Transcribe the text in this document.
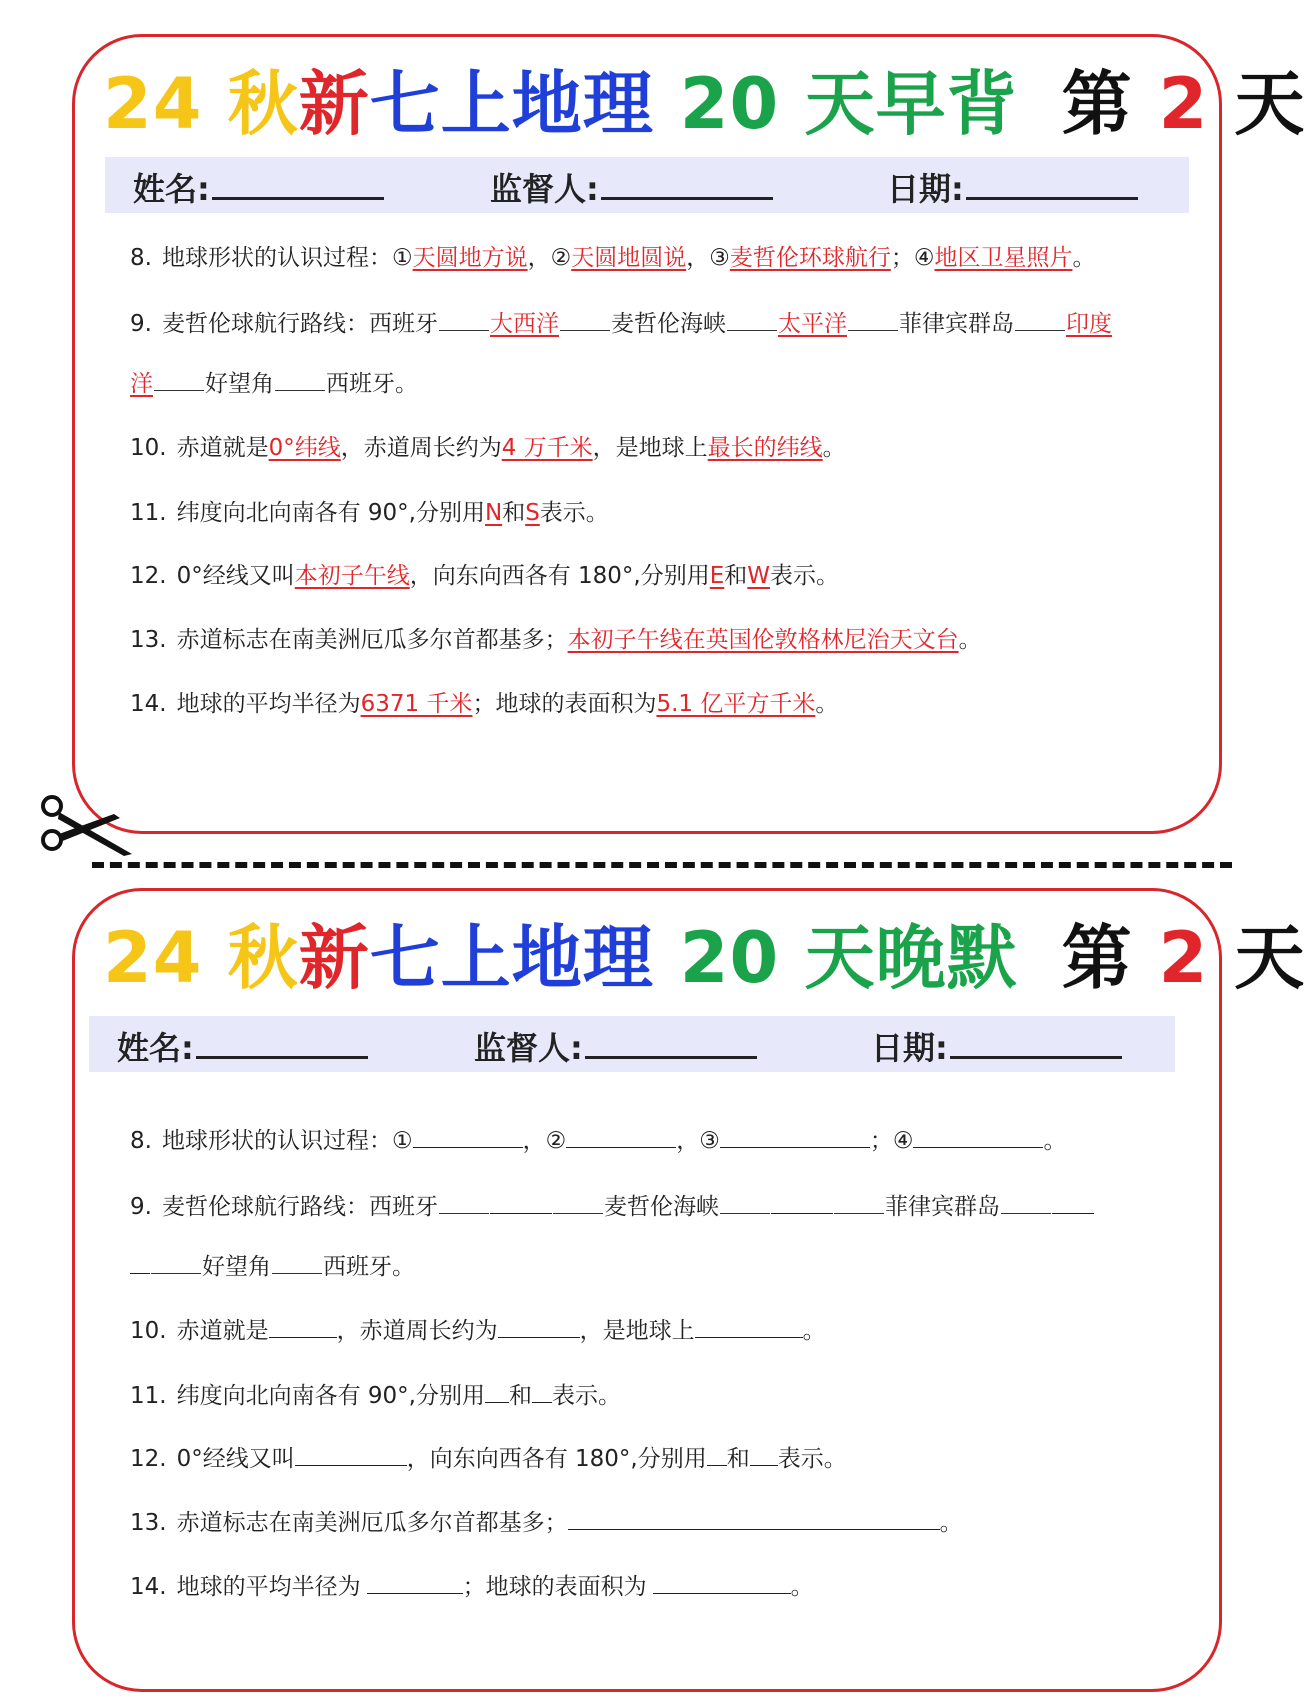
24 秋新七上地理 20 天早背 第 2 天
姓名:	监督人:	日期:
8. 地球形状的认识过程：①天圆地方说，②天圆地圆说，③麦哲伦环球航行；④地区卫星照片。
9. 麦哲伦球航行路线：西班牙 大西洋 麦哲伦海峡 太平洋 菲律宾群岛 印度
洋 好望角 西班牙。
10. 赤道就是0°纬线，赤道周长约为4 万千米，是地球上最长的纬线。
11. 纬度向北向南各有 90°,分别用N和S表示。
12. 0°经线又叫本初子午线，向东向西各有 180°,分别用E和W表示。
13. 赤道标志在南美洲厄瓜多尔首都基多；本初子午线在英国伦敦格林尼治天文台。
14. 地球的平均半径为6371 千米；地球的表面积为5.1 亿平方千米。
24 秋新七上地理 20 天晚默 第 2 天
姓名:	监督人:	日期:
8. 地球形状的认识过程：①	，②	，③	；④	。
9. 麦哲伦球航行路线：西班牙	麦哲伦海峡	菲律宾群岛
好望角 西班牙。
10. 赤道就是	，赤道周长约为	，是地球上	。
11. 纬度向北向南各有 90°,分别用 和 表示。
12. 0°经线又叫	，向东向西各有 180°,分别用 和 表示。
13. 赤道标志在南美洲厄瓜多尔首都基多；	。
14. 地球的平均半径为	；地球的表面积为	。
